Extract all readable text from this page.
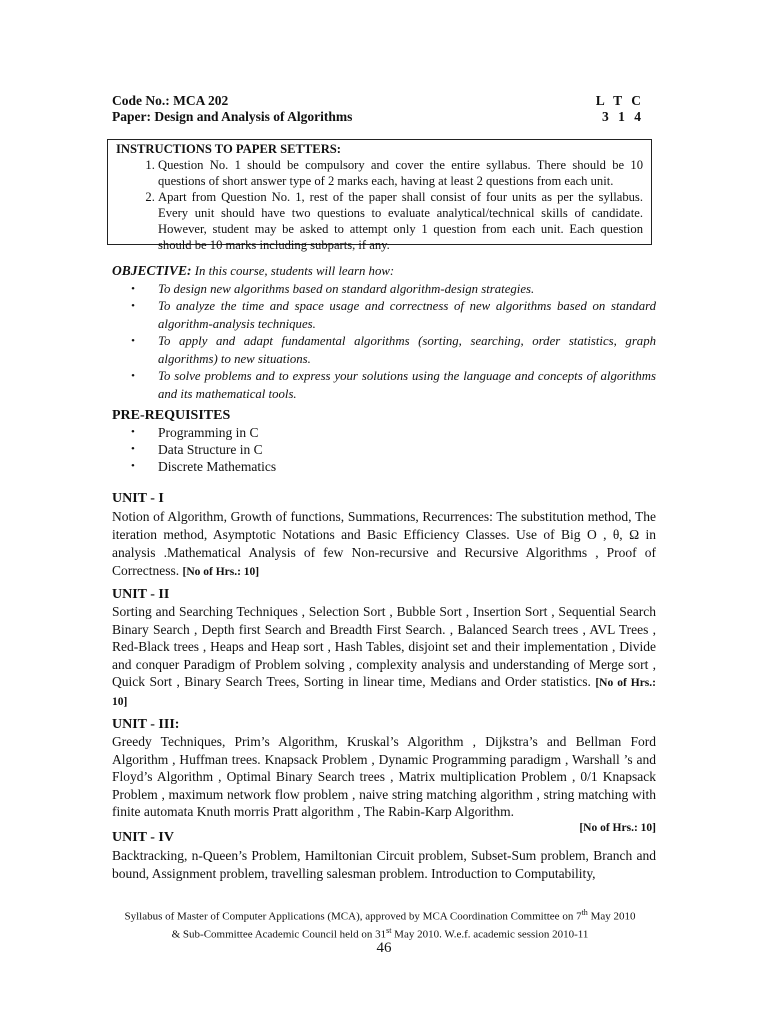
Code No.: MCA 202	L T C
Paper: Design and Analysis of Algorithms	3 1 4
INSTRUCTIONS TO PAPER SETTERS:
1. Question No. 1 should be compulsory and cover the entire syllabus. There should be 10 questions of short answer type of 2 marks each, having at least 2 questions from each unit.
2. Apart from Question No. 1, rest of the paper shall consist of four units as per the syllabus. Every unit should have two questions to evaluate analytical/technical skills of candidate. However, student may be asked to attempt only 1 question from each unit. Each question should be 10 marks including subparts, if any.
OBJECTIVE: In this course, students will learn how:
• To design new algorithms based on standard algorithm-design strategies.
• To analyze the time and space usage and correctness of new algorithms based on standard algorithm-analysis techniques.
• To apply and adapt fundamental algorithms (sorting, searching, order statistics, graph algorithms) to new situations.
• To solve problems and to express your solutions using the language and concepts of algorithms and its mathematical tools.
PRE-REQUISITES
• Programming in C
• Data Structure in C
• Discrete Mathematics
UNIT - I
Notion of Algorithm, Growth of functions, Summations, Recurrences: The substitution method, The iteration method, Asymptotic Notations and Basic Efficiency Classes. Use of Big O , θ, Ω in analysis .Mathematical Analysis of few Non-recursive and Recursive Algorithms , Proof of Correctness. [No of Hrs.: 10]
UNIT - II
Sorting and Searching Techniques , Selection Sort , Bubble Sort , Insertion Sort , Sequential Search Binary Search , Depth first Search and Breadth First Search. , Balanced Search trees , AVL Trees , Red-Black trees , Heaps and Heap sort , Hash Tables, disjoint set and their implementation , Divide and conquer Paradigm of Problem solving , complexity analysis and understanding of Merge sort , Quick Sort , Binary Search Trees, Sorting in linear time, Medians and Order statistics. [No of Hrs.: 10]
UNIT - III:
Greedy Techniques, Prim’s Algorithm, Kruskal’s Algorithm , Dijkstra’s and Bellman Ford Algorithm , Huffman trees. Knapsack Problem , Dynamic Programming paradigm , Warshall ’s and Floyd’s Algorithm , Optimal Binary Search trees , Matrix multiplication Problem , 0/1 Knapsack Problem , maximum network flow problem , naive string matching algorithm , string matching with finite automata Knuth morris Pratt algorithm , The Rabin-Karp Algorithm.
[No of Hrs.: 10]
UNIT - IV
Backtracking, n-Queen’s Problem, Hamiltonian Circuit problem, Subset-Sum problem, Branch and bound, Assignment problem, travelling salesman problem. Introduction to Computability,
Syllabus of Master of Computer Applications (MCA), approved by MCA Coordination Committee on 7th May 2010
& Sub-Committee Academic Council held on 31st May 2010. W.e.f. academic session 2010-11
46
